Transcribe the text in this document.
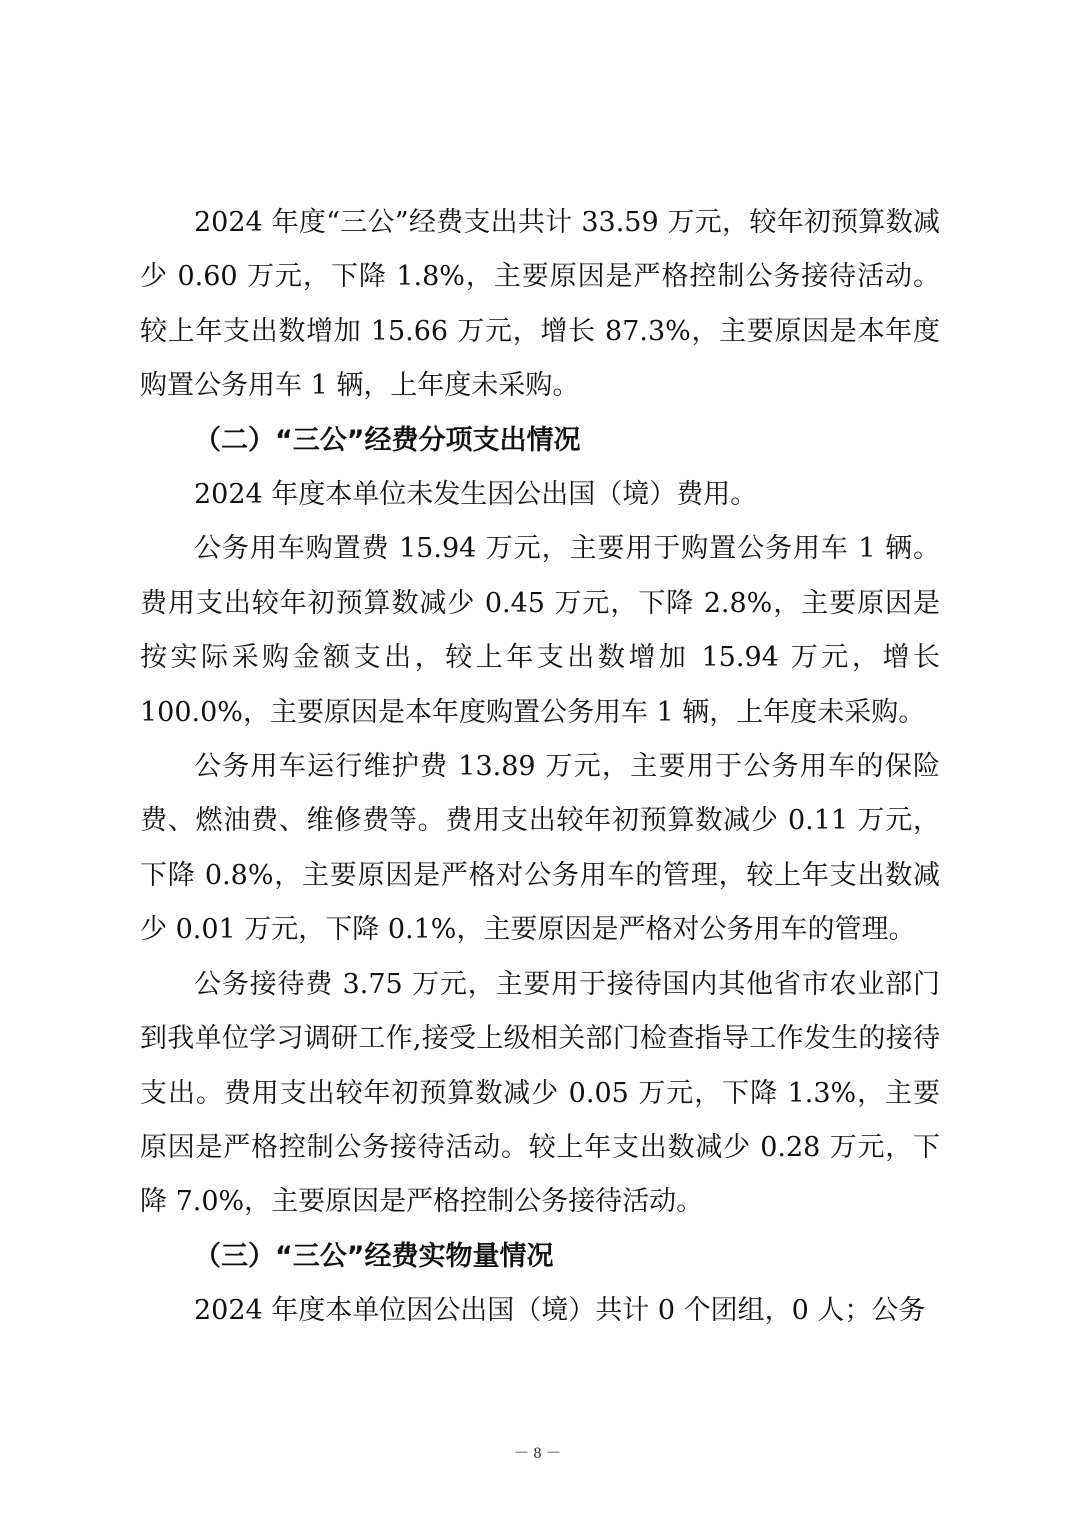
2024 年度“三公”经费支出共计 33.59 万元，较年初预算数减少 0.60 万元，下降 1.8%，主要原因是严格控制公务接待活动。较上年支出数增加 15.66 万元，增长 87.3%，主要原因是本年度购置公务用车 1 辆，上年度未采购。

（二）“三公”经费分项支出情况

2024 年度本单位未发生因公出国（境）费用。

公务用车购置费 15.94 万元，主要用于购置公务用车 1 辆。费用支出较年初预算数减少 0.45 万元，下降 2.8%，主要原因是按实际采购金额支出，较上年支出数增加 15.94 万元，增长 100.0%，主要原因是本年度购置公务用车 1 辆，上年度未采购。

公务用车运行维护费 13.89 万元，主要用于公务用车的保险费、燃油费、维修费等。费用支出较年初预算数减少 0.11 万元，下降 0.8%，主要原因是严格对公务用车的管理，较上年支出数减少 0.01 万元，下降 0.1%，主要原因是严格对公务用车的管理。

公务接待费 3.75 万元，主要用于接待国内其他省市农业部门到我单位学习调研工作,接受上级相关部门检查指导工作发生的接待支出。费用支出较年初预算数减少 0.05 万元，下降 1.3%，主要原因是严格控制公务接待活动。较上年支出数减少 0.28 万元，下降 7.0%，主要原因是严格控制公务接待活动。

（三）“三公”经费实物量情况

2024 年度本单位因公出国（境）共计 0 个团组，0 人；公务

－ 8 －
